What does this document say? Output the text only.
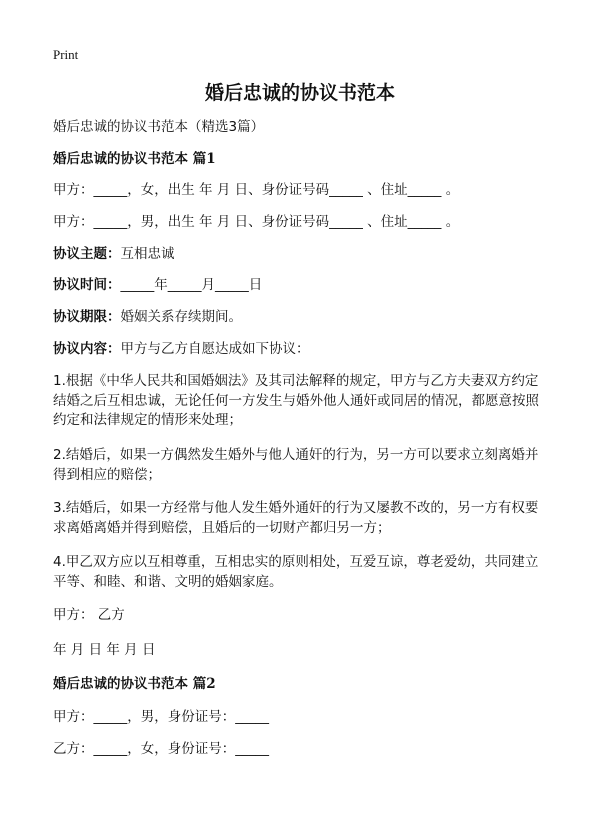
Print
婚后忠诚的协议书范本

婚后忠诚的协议书范本（精选3篇）

婚后忠诚的协议书范本 篇1

甲方：_____，女，出生 年 月 日、身份证号码_____ 、住址_____ 。

甲方：_____，男，出生 年 月 日、身份证号码_____ 、住址_____ 。

协议主题：互相忠诚

协议时间：_____年_____月_____日

协议期限：婚姻关系存续期间。

协议内容：甲方与乙方自愿达成如下协议：

1.根据《中华人民共和国婚姻法》及其司法解释的规定，甲方与乙方夫妻双方约定结婚之后互相忠诚，无论任何一方发生与婚外他人通奸或同居的情况，都愿意按照约定和法律规定的情形来处理；

2.结婚后，如果一方偶然发生婚外与他人通奸的行为，另一方可以要求立刻离婚并得到相应的赔偿；

3.结婚后，如果一方经常与他人发生婚外通奸的行为又屡教不改的，另一方有权要求离婚离婚并得到赔偿，且婚后的一切财产都归另一方；

4.甲乙双方应以互相尊重，互相忠实的原则相处，互爱互谅，尊老爱幼，共同建立平等、和睦、和谐、文明的婚姻家庭。

甲方： 乙方

年 月 日 年 月 日

婚后忠诚的协议书范本 篇2

甲方：_____，男，身份证号：_____

乙方：_____，女，身份证号：_____
